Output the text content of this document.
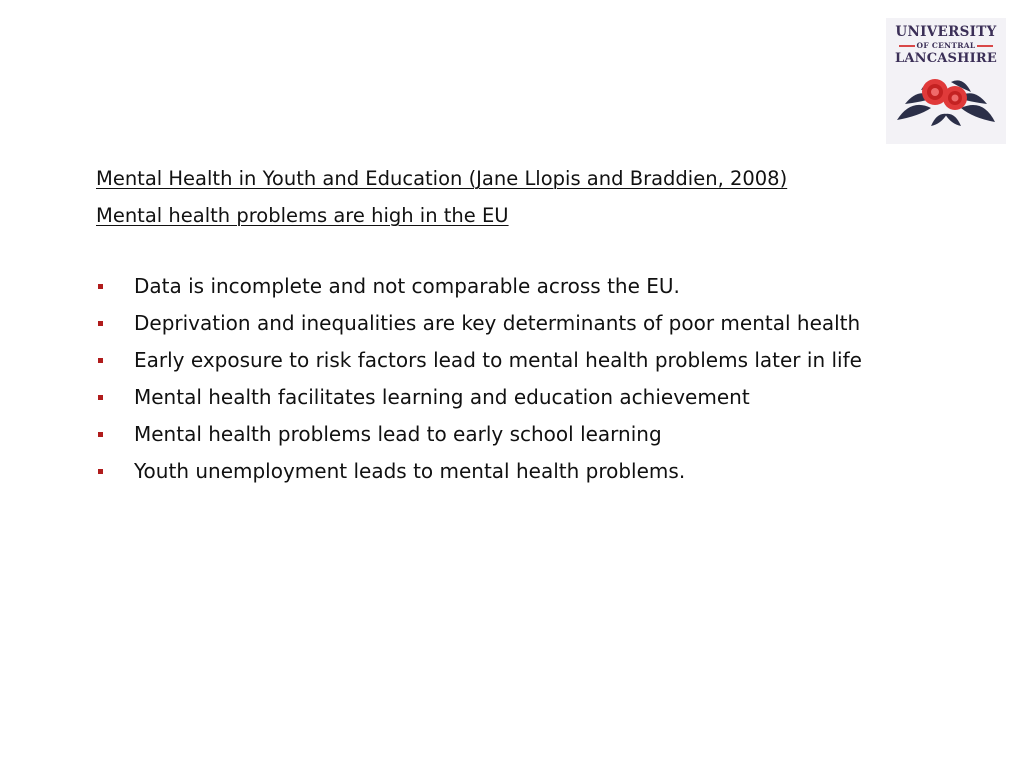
UNIVERSITY
OF CENTRAL
LANCASHIRE
Mental Health in Youth and Education (Jane Llopis and Braddien, 2008)
Mental health problems are high in the EU
Data is incomplete and not comparable across the EU.
Deprivation and inequalities are key determinants of poor mental health
Early exposure to risk factors lead to mental health problems later in life
Mental health facilitates learning and education achievement
Mental health problems lead to early school learning
Youth unemployment leads to mental health problems.
